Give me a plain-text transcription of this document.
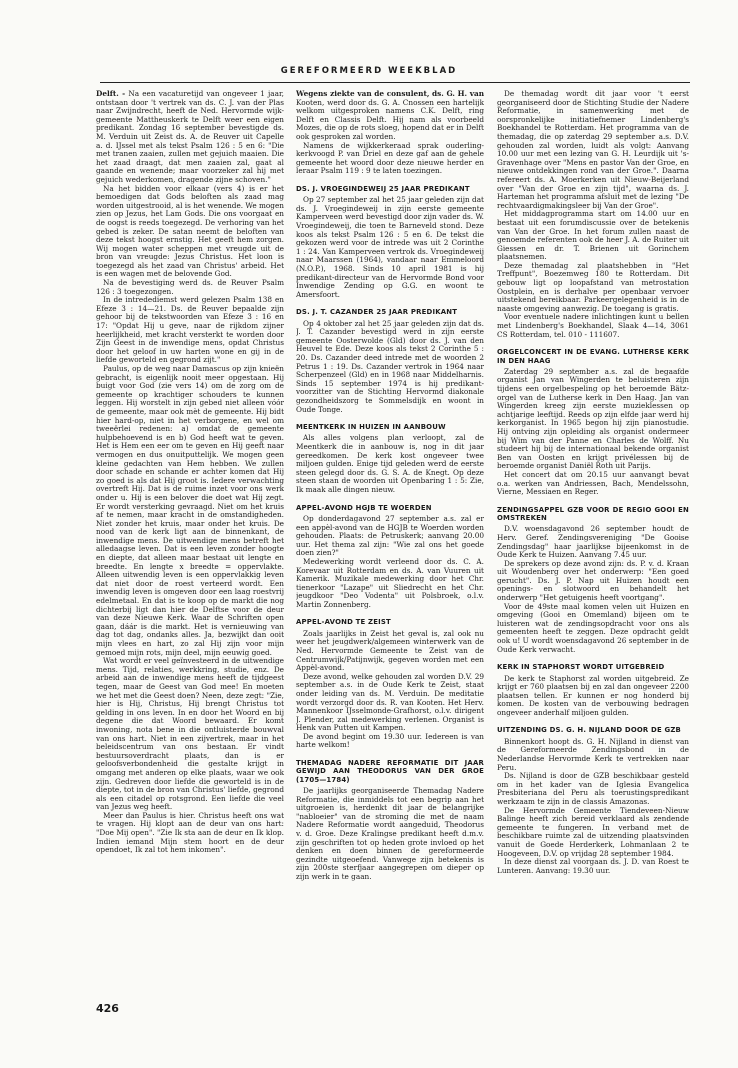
GEREFORMEERD WEEKBLAD

Delft. - Na een vacaturetijd van ongeveer 1 jaar, ontstaan door 't vertrek van ds. C. J. van der Plas naar Zwijndrecht, heeft de Ned. Hervormde wijk-gemeente Mattheuskerk te Delft weer een eigen predikant. Zondag 16 september bevestigde ds. M. Verduin uit Zeist ds. A. de Reuver uit Capelle a. d. IJssel met als tekst Psalm 126 : 5 en 6: "Die met tranen zaaien, zullen met gejuich maaien. Die het zaad draagt, dat men zaaien zal, gaat al gaande en wenende; maar voorzeker zal hij met gejuich wederkomen, dragende zijne schoven."

Na het bidden voor elkaar (vers 4) is er het bemoedigen dat Gods beloften als zaad mag worden uitgestrooid, al is het wenende. We mogen zien op Jezus, het Lam Gods. Die ons voorgaat en de oogst is reeds toegezegd. De verhoring van het gebed is zeker. De satan neemt de beloften van deze tekst hoogst ernstig. Het geeft hem zorgen. Wij mogen water scheppen met vreugde uit de bron van vreugde: Jezus Christus. Het loon is toegezegd als het zaad van Christus' arbeid. Het is een wagen met de belovende God.

Na de bevestiging werd ds. de Reuver Psalm 126 : 3 toegezongen.

In de intredediemst werd gelezen Psalm 138 en Efeze 3 : 14—21. Ds. de Reuver bepaalde zijn gehoor bij de tekstwoorden van Efeze 3 : 16 en 17: "Opdat Hij u geve, naar de rijkdom zijner heerlijkheid, met kracht versterkt te worden door Zijn Geest in de inwendige mens, opdat Christus door het geloof in uw harten wone en gij in de liefde geworteld en gegrond zijt."

Paulus, op de weg naar Damascus op zijn knieën gebracht, is eigenlijk nooit meer opgestaan. Hij buigt voor God (zie vers 14) om de zorg om de gemeente op krachtiger schouders te kunnen leggen. Hij worstelt in zijn gebed niet alleen vóór de gemeente, maar ook mèt de gemeente. Hij bidt hier hard-op, niet in het verborgene, en wel om tweeërlei redenen: a) omdat de gemeente hulpbehoevend is en b) God heeft wat te geven. Het is Hem een eer om te geven en Hij geeft naar vermogen en dus onuitputtelijk. We mogen geen kleine gedachten van Hem hebben. We zullen door schade en schande er achter komen dat Hij zo goed is als dat Hij groot is. Iedere verwachting overtreft Hij. Dat is de ruime inzet voor ons werk onder u. Hij is een belover die doet wat Hij zegt. Er wordt versterking gevraagd. Niet om het kruis af te nemen, maar kracht in de omstandigheden. Niet zonder het kruis, maar onder het kruis. De nood van de kerk ligt aan de binnenkant, de inwendige mens. De uitwendige mens betreft het alledaagse leven. Dat is een leven zonder hoogte en diepte, dat alleen maar bestaat uit lengte en breedte. En lengte x breedte = oppervlakte. Alleen uitwendig leven is een oppervlakkig leven dat niet door de roest verteerd wordt. Een inwendig leven is omgeven door een laag roestvrij edelmetaal. En dat is te koop op de markt die nog dichterbij ligt dan hier de Delftse voor de deur van deze Nieuwe Kerk. Waar de Schriften open gaan, dáár is die markt. Het is vernieuwing van dag tot dag, ondanks alles. Ja, bezwijkt dan ooit mijn vlees en hart, zo zal Hij zijn voor mijn gemoed mijn rots, mijn deel, mijn eeuwig goed.

Wat wordt er veel geïnvesteerd in de uitwendige mens. Tijd, relaties, werkkring, studie, enz. De arbeid aan de inwendige mens heeft de tijdgeest tegen, maar de Geest van God mee! En moeten we het met die Geest doen? Neen, deze zegt: "Zie, hier is Hij, Christus, Hij brengt Christus tot gelding in ons leven. In en door het Woord en bij degene die dat Woord bewaard. Er komt inwoning, nota bene in die ontluisterde bouwval van ons hart. Niet in een zijvertrek, maar in het beleidscentrum van ons bestaan. Er vindt bestuursoverdracht plaats, dan is er geloofsverbondenheid die gestalte krijgt in omgang met anderen op elke plaats, waar we ook zijn. Gedreven door liefde die geworteld is in de diepte, tot in de bron van Christus' liefde, gegrond als een citadel op rotsgrond. Een liefde die veel van Jezus weg heeft.

Meer dan Paulus is hier. Christus heeft ons wat te vragen. Hij klopt aan de deur van ons hart: "Doe Mij open". "Zie Ik sta aan de deur en Ik klop. Indien iemand Mijn stem hoort en de deur opendoet, Ik zal tot hem inkomen".

Wegens ziekte van de consulent, ds. G. H. van Kooten, werd door ds. G. A. Cnossen een hartelijk welkom uitgesproken namens C.K. Delft, ring Delft en Classis Delft. Hij nam als voorbeeld Mozes, die op de rots sloeg, hopend dat er in Delft ook gesproken zal worden.

Namens de wijkkerkeraad sprak ouderling-kerkvoogd P. van Driel en deze gaf aan de gehele gemeente het woord door deze nieuwe herder en leraar Psalm 119 : 9 te laten toezingen.

DS. J. VROEGINDEWEIJ 25 JAAR PREDIKANT

Op 27 september zal het 25 jaar geleden zijn dat ds. J. Vroegindeweij in zijn eerste gemeente Kamperveen werd bevestigd door zijn vader ds. W. Vroegindeweij, die toen te Barneveld stond. Deze koos als tekst Psalm 126 : 5 en 6. De tekst die gekozen werd voor de intrede was uit 2 Corinthe 1 : 24. Van Kamperveen vertrok ds. Vroegindeweij naar Maarssen (1964), vandaar naar Emmeloord (N.O.P.), 1968. Sinds 10 april 1981 is hij predikant-directeur van de Hervormde Bond voor Inwendige Zending op G.G. en woont te Amersfoort.

DS. J. T. CAZANDER 25 JAAR PREDIKANT

Op 4 oktober zal het 25 jaar geleden zijn dat ds. J. T. Cazander bevestigd werd in zijn eerste gemeente Oosterwolde (Gld) door ds. J. van den Heuvel te Ede. Deze koos als tekst 2 Corinthe 5 : 20. Ds. Cazander deed intrede met de woorden 2 Petrus 1 : 19. Ds. Cazander vertrok in 1964 naar Scherpenzeel (Gld) en in 1968 naar Middelharnis. Sinds 15 september 1974 is hij predikant-voorzitter van de Stichting Hervormd diakonale gezondheidszorg te Sommelsdijk en woont in Oude Tonge.

MEENTKERK IN HUIZEN IN AANBOUW

Als alles volgens plan verloopt, zal de Meentkerk die in aanbouw is, nog in dit jaar gereedkomen. De kerk kost ongeveer twee miljoen gulden. Enige tijd geleden werd de eerste steen gelegd door ds. G. S. A. de Knegt. Op deze steen staan de woorden uit Openbaring 1 : 5: Zie, Ik maak alle dingen nieuw.

APPEL-AVOND HGJB TE WOERDEN

Op donderdagavond 27 september a.s. zal er een appèl-avond van de HGJB te Woerden worden gehouden. Plaats: de Petruskerk; aanvang 20.00 uur. Het thema zal zijn: "Wie zal ons het goede doen zien?"

Medewerking wordt verleend door ds. C. A. Korevaar uit Rotterdam en ds. A. van Vuuren uit Kamerik. Muzikale medewerking door het Chr. tienerkoor "Lazape" uit Sliedrecht en het Chr. jeugdkoor "Deo Vodenta" uit Polsbroek, o.l.v. Martin Zonnenberg.

APPEL-AVOND TE ZEIST

Zoals jaarlijks in Zeist het geval is, zal ook nu weer het jeugdwerk/algemeen winterwerk van de Ned. Hervormde Gemeente te Zeist van de Centrumwijk/Patijnwijk, gegeven worden met een Appèl-avond.

Deze avond, welke gehouden zal worden D.V. 29 september a.s. in de Oude Kerk te Zeist, staat onder leiding van ds. M. Verduin. De meditatie wordt verzorgd door ds. R. van Kooten. Het Herv. Mannenkoor IJsselmonde-Grafhorst, o.l.v. dirigent J. Plender, zal medewerking verlenen. Organist is Henk van Putten uit Kampen.

De avond begint om 19.30 uur. Iedereen is van harte welkom!

THEMADAG NADERE REFORMATIE DIT JAAR GEWIJD AAN THEODORUS VAN DER GROE (1705—1784)

De jaarlijks georganiseerde Themadag Nadere Reformatie, die inmiddels tot een begrip aan het uitgroeien is, herdenkt dit jaar de belangrijke "nabloeier" van de stroming die met de naam Nadere Reformatie wordt aangeduid, Theodorus v. d. Groe. Deze Kralingse predikant heeft d.m.v. zijn geschriften tot op heden grote invloed op het denken en doen binnen de gereformeerde gezindte uitgeoefend. Vanwege zijn betekenis is zijn 200ste sterfjaar aangegrepen om dieper op zijn werk in te gaan.

De themadag wordt dit jaar voor 't eerst georganiseerd door de Stichting Studie der Nadere Reformatie, in samenwerking met de oorspronkelijke initiatiefnemer Lindenberg's Boekhandel te Rotterdam. Het programma van de themadag, die op zaterdag 29 september a.s. D.V. gehouden zal worden, luidt als volgt: Aanvang 10.00 uur met een lezing van G. H. Leurdijk uit 's-Gravenhage over "Mens en pastor Van der Groe, en nieuwe ontdekkingen rond van der Groe.". Daarna refereert ds. A. Moerkerken uit Nieuw-Beijerland over "Van der Groe en zijn tijd", waarna ds. J. Harteman het programma afsluit met de lezing "De rechtvaardigmakingsleer bij Van der Groe".

Het middagprogramma start om 14.00 uur en bestaat uit een forumdiscussie over de betekenis van Van der Groe. In het forum zullen naast de genoemde referenten ook de heer J. A. de Ruiter uit Giessen en dr. T. Brienen uit Gorinchem plaatsnemen.

Deze themadag zal plaatshebben in "Het Treffpunt", Boezemweg 180 te Rotterdam. Dit gebouw ligt op loopafstand van metrostation Oostplein, en is derhalve per openbaar vervoer uitstekend bereikbaar. Parkeergelegenheid is in de naaste omgeving aanwezig. De toegang is gratis.

Voor eventuele nadere inlichtingen kunt u bellen met Lindenberg's Boekhandel, Slaak 4—14, 3061 CS Rotterdam, tel. 010 - 111607.

ORGELCONCERT IN DE EVANG. LUTHERSE KERK IN DEN HAAG

Zaterdag 29 september a.s. zal de begaafde organist Jan van Wingerden te beluisteren zijn tijdens een orgelbespeling op het beroemde Bätz-orgel van de Lutherse kerk in Den Haag. Jan van Wingerden kreeg zijn eerste muzieklessen op achtjarige leeftijd. Reeds op zijn elfde jaar werd hij kerkorganist. In 1965 begon hij zijn pianostudie. Hij ontving zijn opleiding als organist ondermeer bij Wim van der Panne en Charles de Wolff. Nu studeert hij bij de internationaal bekende organist Ben van Oosten en krijgt privélessen bij de beroemde organist Daniël Roth uit Parijs.

Het concert dat om 20.15 uur aanvangt bevat o.a. werken van Andriessen, Bach, Mendelssohn, Vierne, Messiaen en Reger.

ZENDINGSAPPEL GZB VOOR DE REGIO GOOI EN OMSTREKEN

D.V. woensdagavond 26 september houdt de Herv. Geref. Zendingsvereniging "De Gooise Zendingsdag" haar jaarlijkse bijeenkomst in de Oude Kerk te Huizen. Aanvang 7.45 uur.

De sprekers op deze avond zijn: ds. P. v. d. Kraan uit Woudenberg over het onderwerp: "Een goed gerucht". Ds. J. P. Nap uit Huizen houdt een openings- en slotwoord en behandelt het onderwerp "Het getuigenis heeft voortgang".

Voor de 49ste maal komen velen uit Huizen en omgeving (Gooi en Omemland) bijeen om te luisteren wat de zendingsopdracht voor ons als gemeenten heeft te zeggen. Deze opdracht geldt ook u! U wordt woensdagavond 26 september in de Oude Kerk verwacht.

KERK IN STAPHORST WORDT UITGEBREID

De kerk te Staphorst zal worden uitgebreid. Ze krijgt er 760 plaatsen bij en zal dan ongeveer 2200 plaatsen tellen. Er kunnen er nog honderd bij komen. De kosten van de verbouwing bedragen ongeveer anderhalf miljoen gulden.

UITZENDING DS. G. H. NIJLAND DOOR DE GZB

Binnenkort hoopt ds. G. H. Nijland in dienst van de Gereformeerde Zendingsbond in de Nederlandse Hervormde Kerk te vertrekken naar Peru.

Ds. Nijland is door de GZB beschikbaar gesteld om in het kader van de Iglesia Evangelica Presbiteriana del Peru als toerustingspredikant werkzaam te zijn in de classis Amazonas.

De Hervormde Gemeente Tiendeveen-Nieuw Balinge heeft zich bereid verklaard als zendende gemeente te fungeren. In verband met de beschikbare ruimte zal de uitzending plaatsvinden vanuit de Goede Herderkerk, Lohmanlaan 2 te Hoogeveen, D.V. op vrijdag 28 september 1984.

In deze dienst zal voorgaan ds. J. D. van Roest te Lunteren. Aanvang: 19.30 uur.

426
